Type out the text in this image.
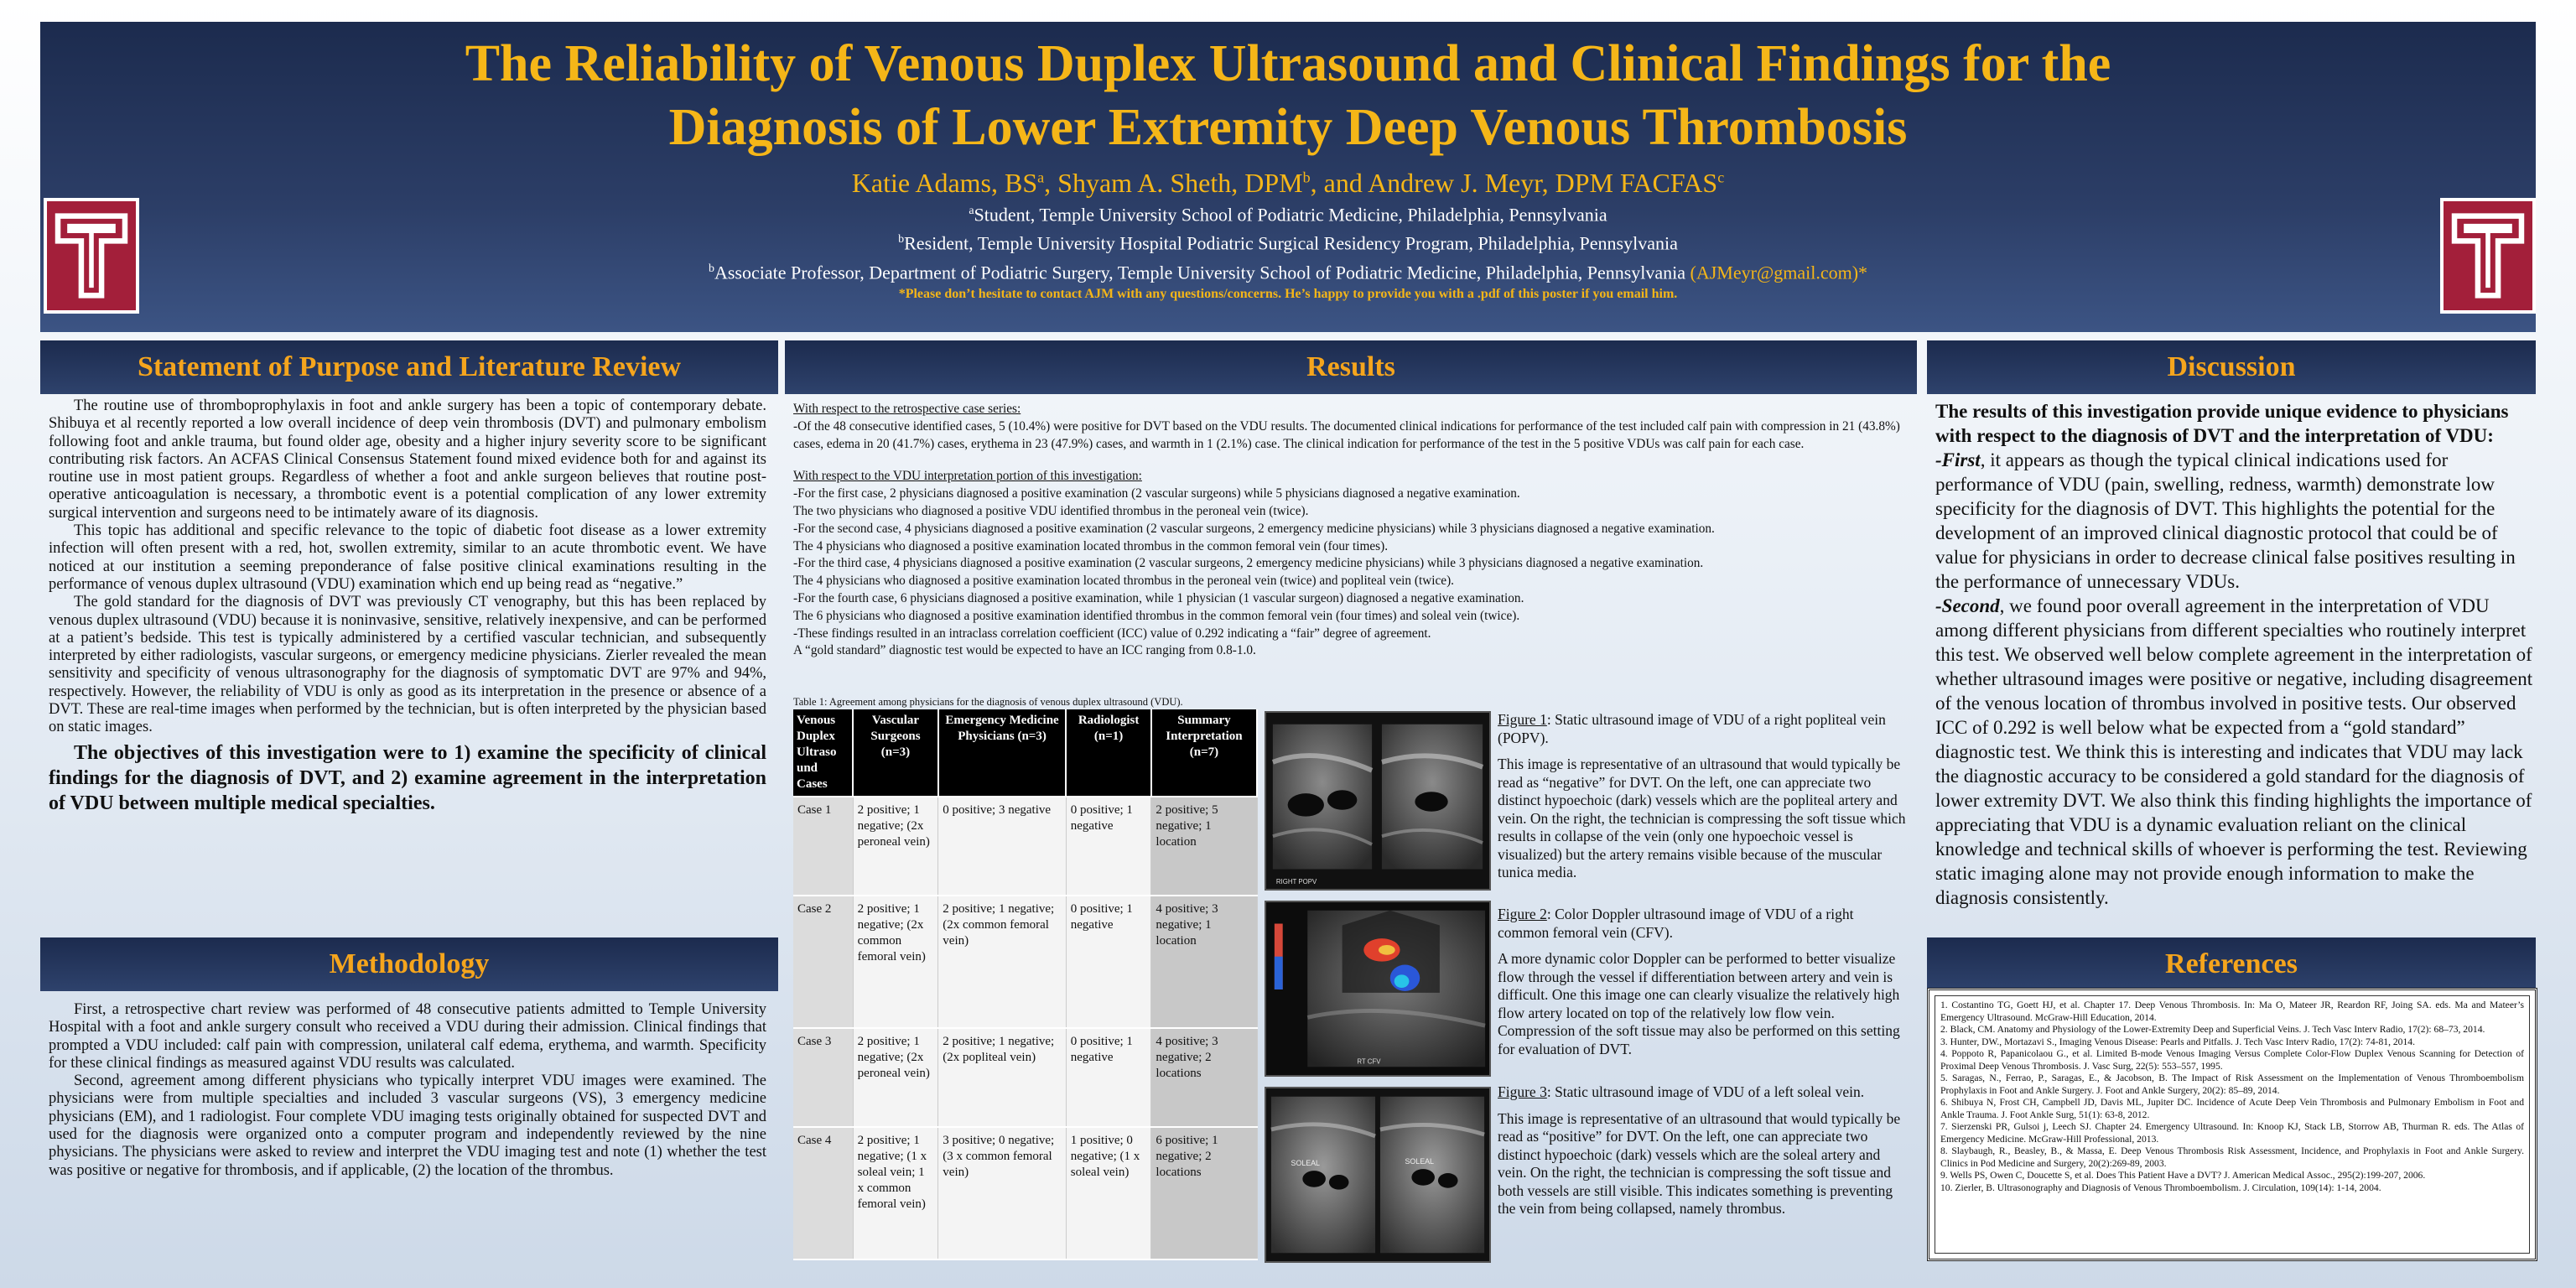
The Reliability of Venous Duplex Ultrasound and Clinical Findings for the
Diagnosis of Lower Extremity Deep Venous Thrombosis
Katie Adams, $BS^a$, Shyam A. Sheth, DPM$^b$, and Andrew J. Meyr, DPM FACFAS$^c$
$^a$Student, Temple University School of Podiatric Medicine, Philadelphia, Pennsylvania
$^b$Resident, Temple University Hospital Podiatric Surgical Residency Program, Philadelphia, Pennsylvania
$^b$Associate Professor, Department of Podiatric Surgery, Temple University School of Podiatric Medicine, Philadelphia, Pennsylvania (AJMeyr@gmail.com)*
*Please don’t hesitate to contact AJM with any questions/concerns. He’s happy to provide you with a .pdf of this poster if you email him.
Statement of Purpose and Literature Review

The routine use of thromboprophylaxis in foot and ankle surgery has been a topic of contemporary debate. Shibuya et al recently reported a low overall incidence of deep vein thrombosis (DVT) and pulmonary embolism following foot and ankle trauma, but found older age, obesity and a higher injury severity score to be significant contributing risk factors. An ACFAS Clinical Consensus Statement found mixed evidence both for and against its routine use in most patient groups. Regardless of whether a foot and ankle surgeon believes that routine post-operative anticoagulation is necessary, a thrombotic event is a potential complication of any lower extremity surgical intervention and surgeons need to be intimately aware of its diagnosis.

This topic has additional and specific relevance to the topic of diabetic foot disease as a lower extremity infection will often present with a red, hot, swollen extremity, similar to an acute thrombotic event. We have noticed at our institution a seeming preponderance of false positive clinical examinations resulting in the performance of venous duplex ultrasound (VDU) examination which end up being read as “negative.”

The gold standard for the diagnosis of DVT was previously CT venography, but this has been replaced by venous duplex ultrasound (VDU) because it is noninvasive, sensitive, relatively inexpensive, and can be performed at a patient’s bedside. This test is typically administered by a certified vascular technician, and subsequently interpreted by either radiologists, vascular surgeons, or emergency medicine physicians. Zierler revealed the mean sensitivity and specificity of venous ultrasonography for the diagnosis of symptomatic DVT are 97% and 94%, respectively. However, the reliability of VDU is only as good as its interpretation in the presence or absence of a DVT. These are real-time images when performed by the technician, but is often interpreted by the physician based on static images.

The objectives of this investigation were to 1) examine the specificity of clinical findings for the diagnosis of DVT, and 2) examine agreement in the interpretation of VDU between multiple medical specialties.

Methodology

First, a retrospective chart review was performed of 48 consecutive patients admitted to Temple University Hospital with a foot and ankle surgery consult who received a VDU during their admission. Clinical findings that prompted a VDU included: calf pain with compression, unilateral calf edema, erythema, and warmth. Specificity for these clinical findings as measured against VDU results was calculated.

Second, agreement among different physicians who typically interpret VDU images were examined. The physicians were from multiple specialties and included 3 vascular surgeons (VS), 3 emergency medicine physicians (EM), and 1 radiologist. Four complete VDU imaging tests originally obtained for suspected DVT and used for the diagnosis were organized onto a computer program and independently reviewed by the nine physicians. The physicians were asked to review and interpret the VDU imaging test and note (1) whether the test was positive or negative for thrombosis, and if applicable, (2) the location of the thrombus.

Results
With respect to the retrospective case series:
-Of the 48 consecutive identified cases, 5 (10.4%) were positive for DVT based on the VDU results. The documented clinical indications for performance of the test included calf pain with compression in 21 (43.8%) cases, edema in 20 (41.7%) cases, erythema in 23 (47.9%) cases, and warmth in 1 (2.1%) case. The clinical indication for performance of the test in the 5 positive VDUs was calf pain for each case.
With respect to the VDU interpretation portion of this investigation:
-For the first case, 2 physicians diagnosed a positive examination (2 vascular surgeons) while 5 physicians diagnosed a negative examination.
The two physicians who diagnosed a positive VDU identified thrombus in the peroneal vein (twice).
-For the second case, 4 physicians diagnosed a positive examination (2 vascular surgeons, 2 emergency medicine physicians) while 3 physicians diagnosed a negative examination.
The 4 physicians who diagnosed a positive examination located thrombus in the common femoral vein (four times).
-For the third case, 4 physicians diagnosed a positive examination (2 vascular surgeons, 2 emergency medicine physicians) while 3 physicians diagnosed a negative examination.
The 4 physicians who diagnosed a positive examination located thrombus in the peroneal vein (twice) and popliteal vein (twice).
-For the fourth case, 6 physicians diagnosed a positive examination, while 1 physician (1 vascular surgeon) diagnosed a negative examination.
The 6 physicians who diagnosed a positive examination identified thrombus in the common femoral vein (four times) and soleal vein (twice).
-These findings resulted in an intraclass correlation coefficient (ICC) value of 0.292 indicating a “fair” degree of agreement.
A “gold standard” diagnostic test would be expected to have an ICC ranging from 0.8-1.0.
Table 1: Agreement among physicians for the diagnosis of venous duplex ultrasound (VDU).
Venous Duplex Ultraso und Cases	Vascular Surgeons (n=3)	Emergency Medicine Physicians (n=3)	Radiologist (n=1)	Summary Interpretation (n=7)
Case 1	2 positive; 1 negative; (2x peroneal vein)	0 positive; 3 negative	0 positive; 1 negative	2 positive; 5 negative; 1 location
Case 2	2 positive; 1 negative; (2x common femoral vein)	2 positive; 1 negative; (2x common femoral vein)	0 positive; 1 negative	4 positive; 3 negative; 1 location
Case 3	2 positive; 1 negative; (2x peroneal vein)	2 positive; 1 negative; (2x popliteal vein)	0 positive; 1 negative	4 positive; 3 negative; 2 locations
Case 4	2 positive; 1 negative; (1 x soleal vein; 1 x common femoral vein)	3 positive; 0 negative; (3 x common femoral vein)	1 positive; 0 negative; (1 x soleal vein)	6 positive; 1 negative; 2 locations
RIGHT POPV
Figure 1: Static ultrasound image of VDU of a right popliteal vein (POPV).
This image is representative of an ultrasound that would typically be read as “negative” for DVT. On the left, one can appreciate two distinct hypoechoic (dark) vessels which are the popliteal artery and vein. On the right, the technician is compressing the soft tissue which results in collapse of the vein (only one hypoechoic vessel is visualized) but the artery remains visible because of the muscular tunica media.
RT CFV
Figure 2: Color Doppler ultrasound image of VDU of a right common femoral vein (CFV).
A more dynamic color Doppler can be performed to better visualize flow through the vessel if differentiation between artery and vein is difficult. One this image one can clearly visualize the relatively high flow artery located on top of the relatively low flow vein. Compression of the soft tissue may also be performed on this setting for evaluation of DVT.
SOLEAL	SOLEAL
Figure 3: Static ultrasound image of VDU of a left soleal vein.
This image is representative of an ultrasound that would typically be read as “positive” for DVT. On the left, one can appreciate two distinct hypoechoic (dark) vessels which are the soleal artery and vein. On the right, the technician is compressing the soft tissue and both vessels are still visible. This indicates something is preventing the vein from being collapsed, namely thrombus.
Discussion
The results of this investigation provide unique evidence to physicians with respect to the diagnosis of DVT and the interpretation of VDU:
-First, it appears as though the typical clinical indications used for performance of VDU (pain, swelling, redness, warmth) demonstrate low specificity for the diagnosis of DVT. This highlights the potential for the development of an improved clinical diagnostic protocol that could be of value for physicians in order to decrease clinical false positives resulting in the performance of unnecessary VDUs.
-Second, we found poor overall agreement in the interpretation of VDU among different physicians from different specialties who routinely interpret this test. We observed well below complete agreement in the interpretation of whether ultrasound images were positive or negative, including disagreement of the venous location of thrombus involved in positive tests. Our observed ICC of 0.292 is well below what be expected from a “gold standard” diagnostic test. We think this is interesting and indicates that VDU may lack the diagnostic accuracy to be considered a gold standard for the diagnosis of lower extremity DVT. We also think this finding highlights the importance of appreciating that VDU is a dynamic evaluation reliant on the clinical knowledge and technical skills of whoever is performing the test. Reviewing static imaging alone may not provide enough information to make the diagnosis consistently.
References
1. Costantino TG, Goett HJ, et al. Chapter 17. Deep Venous Thrombosis. In: Ma O, Mateer JR, Reardon RF, Joing SA. eds. Ma and Mateer’s Emergency Ultrasound. McGraw-Hill Education, 2014.
2. Black, CM. Anatomy and Physiology of the Lower-Extremity Deep and Superficial Veins. J. Tech Vasc Interv Radio, 17(2): 68–73, 2014.
3. Hunter, DW., Mortazavi S., Imaging Venous Disease: Pearls and Pitfalls. J. Tech Vasc Interv Radio, 17(2): 74-81, 2014.
4. Poppoto R, Papanicolaou G., et al. Limited B-mode Venous Imaging Versus Complete Color-Flow Duplex Venous Scanning for Detection of Proximal Deep Venous Thrombosis. J. Vasc Surg, 22(5): 553–557, 1995.
5. Saragas, N., Ferrao, P., Saragas, E., & Jacobson, B. The Impact of Risk Assessment on the Implementation of Venous Thromboembolism Prophylaxis in Foot and Ankle Surgery. J. Foot and Ankle Surgery, 20(2): 85–89, 2014.
6. Shibuya N, Frost CH, Campbell JD, Davis ML, Jupiter DC. Incidence of Acute Deep Vein Thrombosis and Pulmonary Embolism in Foot and Ankle Trauma. J. Foot Ankle Surg, 51(1): 63-8, 2012.
7. Sierzenski PR, Gulsoi j, Leech SJ. Chapter 24. Emergency Ultrasound. In: Knoop KJ, Stack LB, Storrow AB, Thurman R. eds. The Atlas of Emergency Medicine. McGraw-Hill Professional, 2013.
8. Slaybaugh, R., Beasley, B., & Massa, E. Deep Venous Thrombosis Risk Assessment, Incidence, and Prophylaxis in Foot and Ankle Surgery. Clinics in Pod Medicine and Surgery, 20(2):269-89, 2003.
9. Wells PS, Owen C, Doucette S, et al. Does This Patient Have a DVT? J. American Medical Assoc., 295(2):199-207, 2006.
10. Zierler, B. Ultrasonography and Diagnosis of Venous Thromboembolism. J. Circulation, 109(14): 1-14, 2004.
